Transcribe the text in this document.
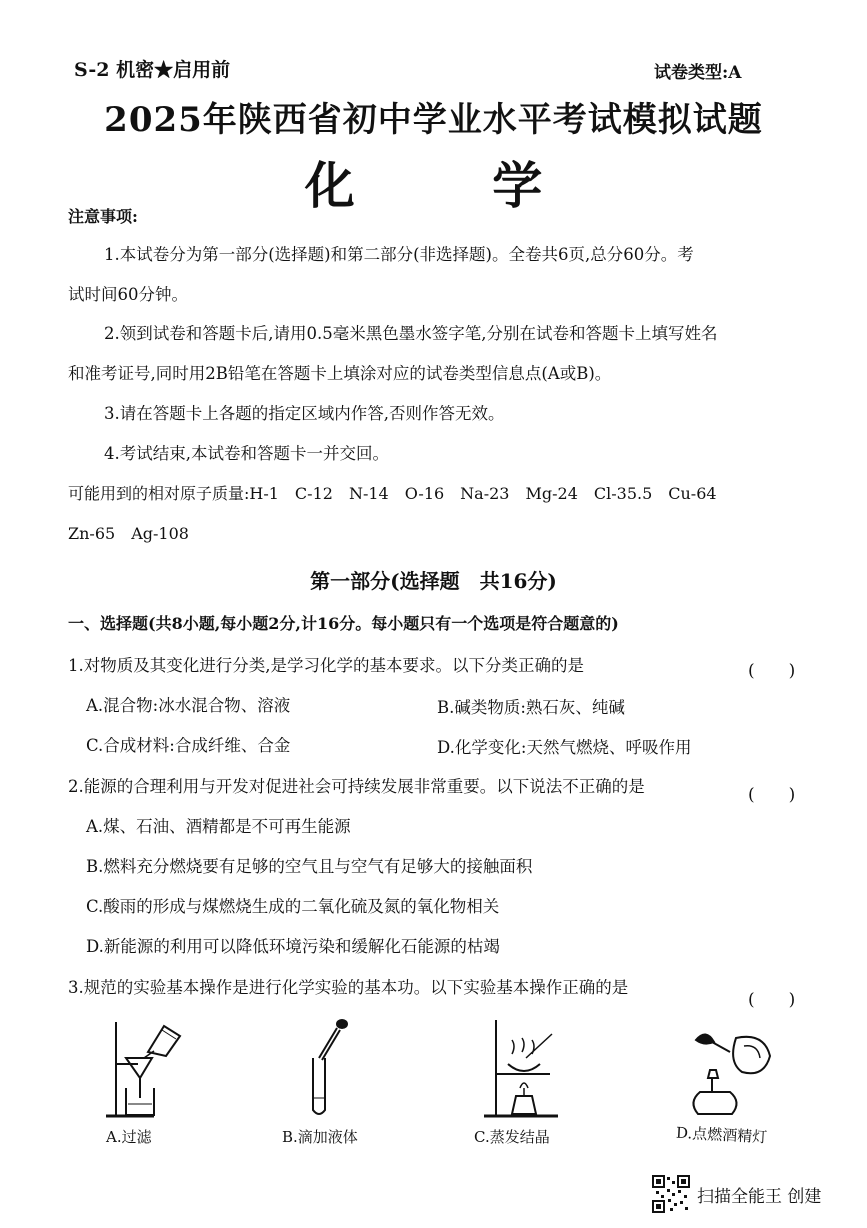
S-2 机密★启用前	试卷类型:A
2025年陕西省初中学业水平考试模拟试题
化 学
注意事项:
1.本试卷分为第一部分(选择题)和第二部分(非选择题)。全卷共6页,总分60分。考
试时间60分钟。
2.领到试卷和答题卡后,请用0.5毫米黑色墨水签字笔,分别在试卷和答题卡上填写姓名
和准考证号,同时用2B铅笔在答题卡上填涂对应的试卷类型信息点(A或B)。
3.请在答题卡上各题的指定区域内作答,否则作答无效。
4.考试结束,本试卷和答题卡一并交回。
可能用到的相对原子质量:H-1　C-12　N-14　O-16　Na-23　Mg-24　Cl-35.5　Cu-64
Zn-65　Ag-108
第一部分(选择题　共16分)
一、选择题(共8小题,每小题2分,计16分。每小题只有一个选项是符合题意的)
1.对物质及其变化进行分类,是学习化学的基本要求。以下分类正确的是	(　　)
A.混合物:冰水混合物、溶液	B.碱类物质:熟石灰、纯碱
C.合成材料:合成纤维、合金	D.化学变化:天然气燃烧、呼吸作用
2.能源的合理利用与开发对促进社会可持续发展非常重要。以下说法不正确的是	(　　)
A.煤、石油、酒精都是不可再生能源
B.燃料充分燃烧要有足够的空气且与空气有足够大的接触面积
C.酸雨的形成与煤燃烧生成的二氧化硫及氮的氧化物相关
D.新能源的利用可以降低环境污染和缓解化石能源的枯竭
3.规范的实验基本操作是进行化学实验的基本功。以下实验基本操作正确的是
(　　)
A.过滤	B.滴加液体	C.蒸发结晶	D.点燃酒精灯
扫描全能王 创建
